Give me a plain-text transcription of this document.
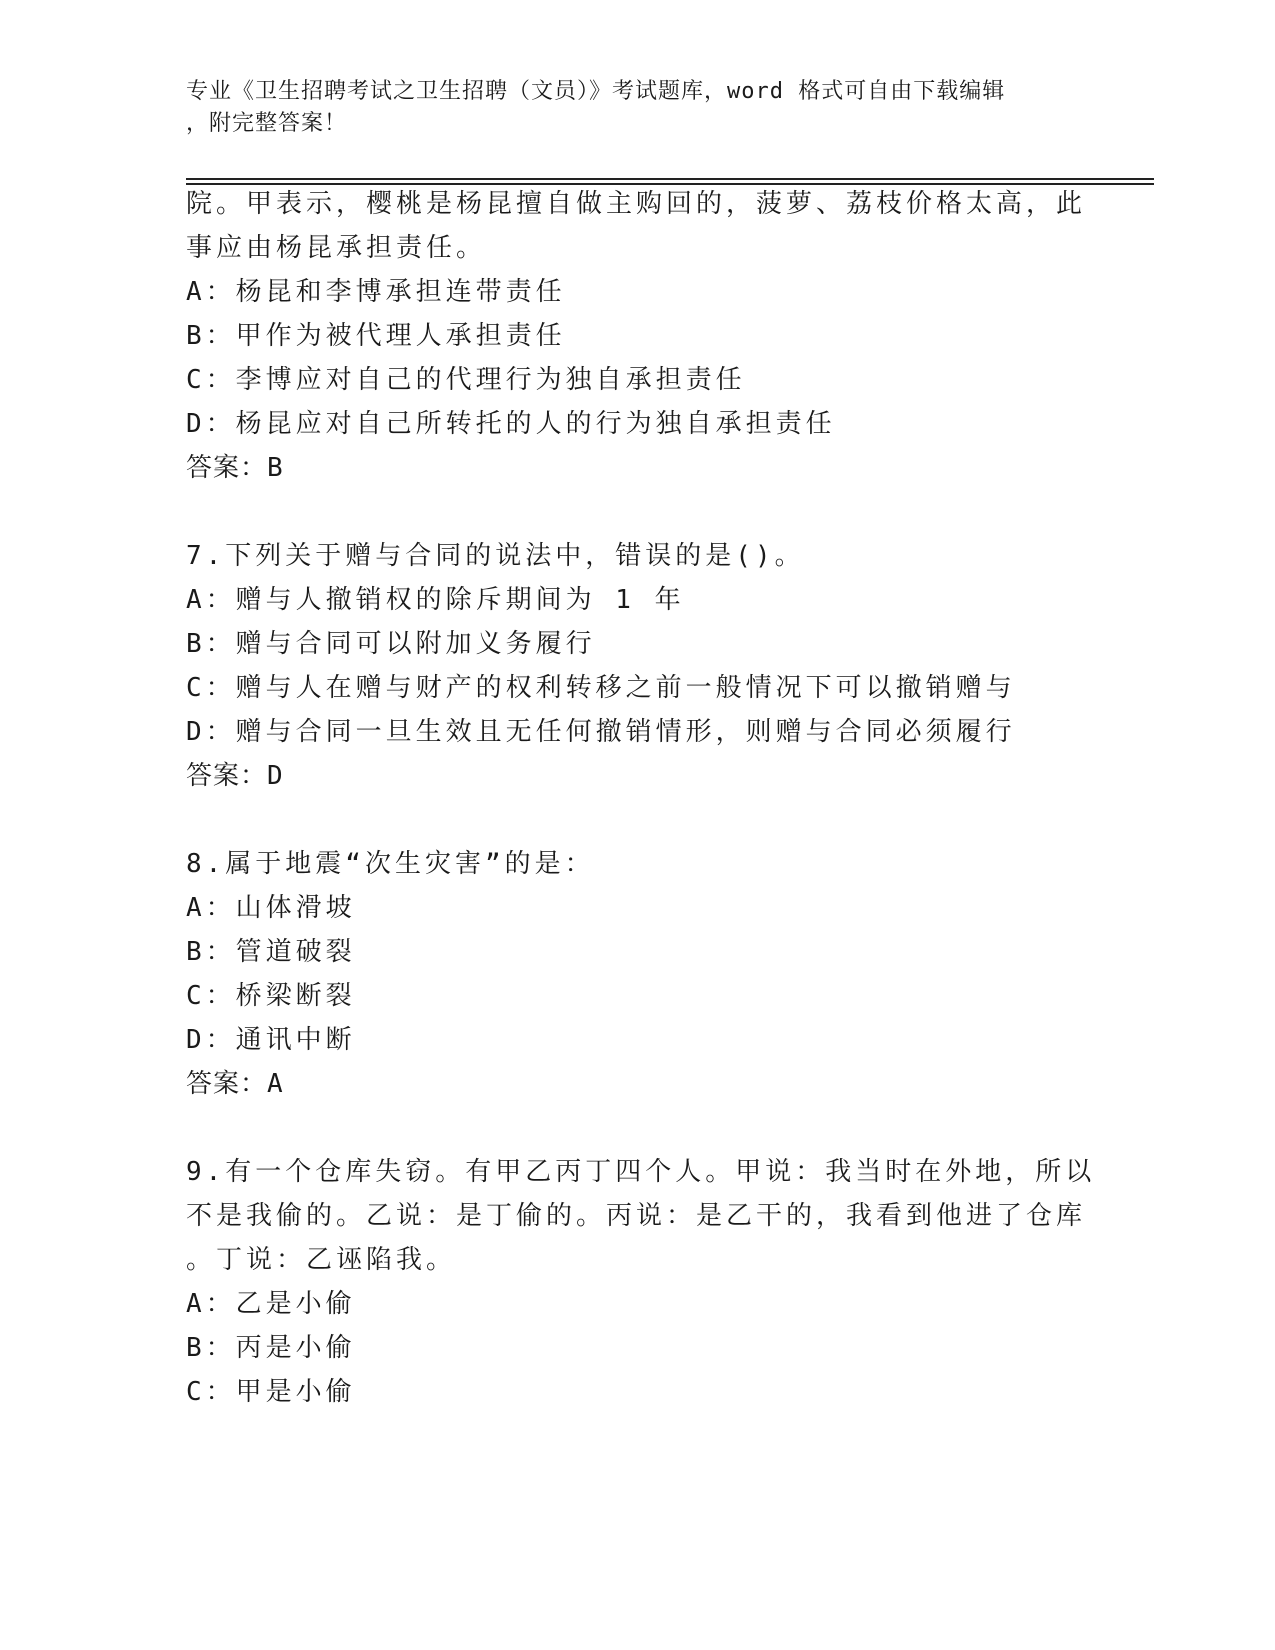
专业《卫生招聘考试之卫生招聘（文员）》考试题库，word 格式可自由下载编辑
，附完整答案！
院。甲表示，樱桃是杨昆擅自做主购回的，菠萝、荔枝价格太高，此
事应由杨昆承担责任。
A：杨昆和李博承担连带责任
B：甲作为被代理人承担责任
C：李博应对自己的代理行为独自承担责任
D：杨昆应对自己所转托的人的行为独自承担责任
答案：B
7.下列关于赠与合同的说法中，错误的是()。
A：赠与人撤销权的除斥期间为 1 年
B：赠与合同可以附加义务履行
C：赠与人在赠与财产的权利转移之前一般情况下可以撤销赠与
D：赠与合同一旦生效且无任何撤销情形，则赠与合同必须履行
答案：D
8.属于地震“次生灾害”的是：
A：山体滑坡
B：管道破裂
C：桥梁断裂
D：通讯中断
答案：A
9.有一个仓库失窃。有甲乙丙丁四个人。甲说：我当时在外地，所以
不是我偷的。乙说：是丁偷的。丙说：是乙干的，我看到他进了仓库
。丁说：乙诬陷我。
A：乙是小偷
B：丙是小偷
C：甲是小偷
